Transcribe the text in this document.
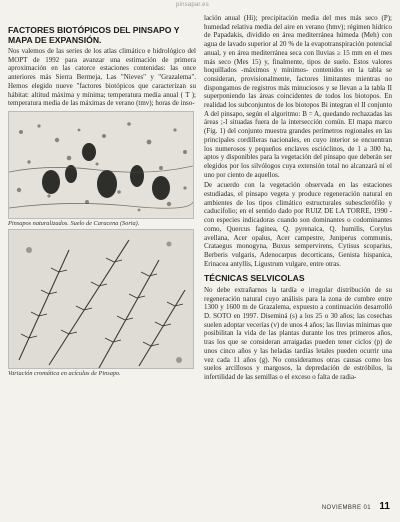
pinsapar.es
FACTORES BIOTÓPICOS DEL PINSAPO Y MAPA DE EXPANSIÓN.

Nos valemos de las series de los atlas climático e hidrológico del MOPT de 1992 para avanzar una estimación de primera aproximación en las catorce estaciones contenidas: las once anteriores más Sierra Bermeja, Las "Nieves" y "Grazalema". Hemos elegido nueve "factores biotópicos que caracterizan su hábitat: altitud máxima y mínima; temperatura media anual ( T ); temperatura media de las máximas de verano (tmv); horas de inso-

Pinsapos naturalizados. Suelo de Caracena (Soria).
Variación cromática en acículas de Pinsapo.

lación anual (Hi); precipitación media del mes más seco (P); humedad relativa media del aire en verano (hmv); régimen hídrico de Papadakis, dividido en área mediterránea húmeda (Meh) con agua de lavado superior al 20 % de la evapotranspiración potencial anual, y en área mediterránea seca con lluvias ≥ 15 mm en el mes más seco (Mes 15) y, finalmente, tipos de suelo. Estos valores hoquillados -máximos y mínimos- contenidos en la tabla se consideran, provisionalmente, factores limitantes mientras no dispongamos de registros más minuciosos y se llevan a la tabla II superponiendo las áreas coincidentes de todos los biotopos. En realidad los subconjuntos de los biotopos Bi integran el II conjunto A del pinsapo, según el algoritmo: B = A, quedando rechazadas las áreas ;-I situadas fuera de la intersección común. El mapa marco (Fig. 1) del conjunto muestra grandes perímetros regionales en las principales cordilleras nacionales, en cuyo interior se encuentran los numerosos y pequeños enclaves escióclinos, de 1 a 300 ha, aptos y disponibles para la vegetación del pinsapo que deberán ser elegidos por los silvólogos cuya extensión total no alcanzará ni el uno por ciento de aquellos.

De acuerdo con la vegetación observada en las estaciones estudiadas, el pinsapo vegeta y produce regeneración natural en ambientes de los tipos climático estructurales subesclerófilo y caducifolio; en el sentido dado por RUIZ DE LA TORRE, 1990 - con especies indicadoras cuando son dominantes o codominantes como, Quercus faginea, Q. pyrenaica, Q. humilis, Corylus avellana, Acer opalus, Acer campestre, Juniperus communis, Crataegus monogyna, Buxus sempervirens, Cytisus scoparius, Berberis vulgaris, Adenocarpus decorticans, Genista hispanica, Erinacea antyllis, Ligustrum vulgare, entre otras.

TÉCNICAS SELVICOLAS

No debe extrañarnos la tardía e irregular distribución de su regeneración natural cuyo análisis para la zona de cumbre entre 1300 y 1600 m de Grazalema, expuesto a continuación desarrolló D. SOTO en 1997. Diseminá (s) a los 25 o 30 años; las cosechas suelen adoptar vecerías (v) de unos 4 años; las lluvias mínimas que posibilitan la vida de las plantas durante los tres primeros años, tras los que se consideran arraigadas pueden tener ciclos (p) de unos cinco años y las heladas tardías letales pueden ocurrir una vez cada 11 años (g). No consideramos otras causas como los suelos arcillosos y margosos, la depredación de estróbilos, la infertilidad de las semillas o el exceso o falta de radia-

NOVIEMBRE 01 11
